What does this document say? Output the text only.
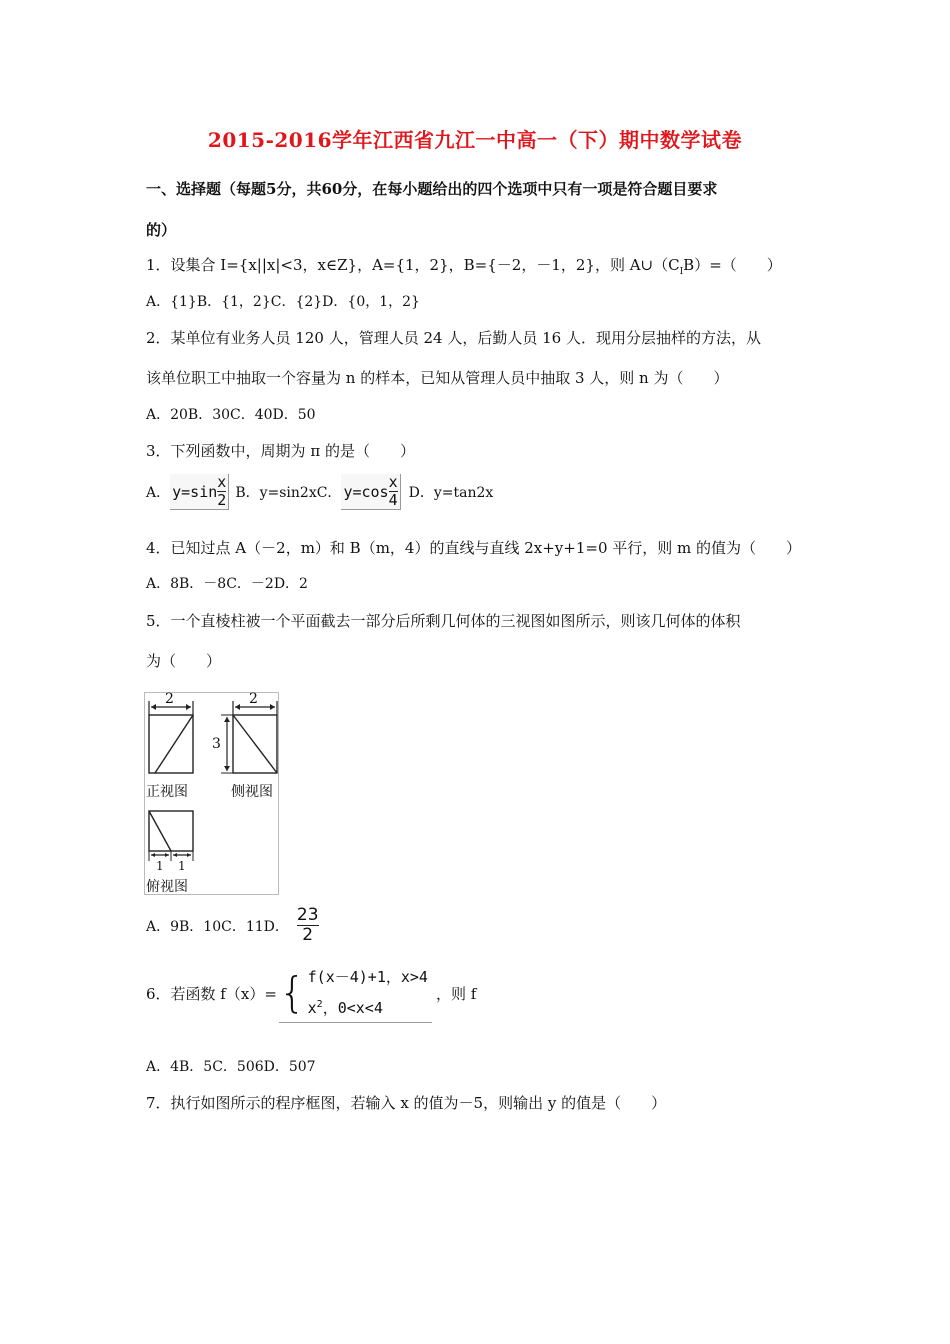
2015-2016学年江西省九江一中高一（下）期中数学试卷
一、选择题（每题5分，共60分，在每小题给出的四个选项中只有一项是符合题目要求
的）
1．设集合 I={x||x|<3，x∈Z}，A={1，2}，B={－2，－1，2}，则 $A\cup(C_IB)=$（　　）
A．{1}B．{1，2}C．{2}D．{0，1，2}
2．某单位有业务人员 120 人，管理人员 24 人，后勤人员 16 人．现用分层抽样的方法，从
该单位职工中抽取一个容量为 n 的样本，已知从管理人员中抽取 3 人，则 n 为（　　）
A．20B．30C．40D．50
3．下列函数中，周期为 π 的是（　　）
A． $y=\sin \frac{x}{2}$ B．y=sin2xC． $y=\cos \frac{x}{4}$ D．y=tan2x
4．已知过点 A（－2，m）和 B（m，4）的直线与直线 2x+y+1=0 平行，则 m 的值为（　　）
A．8B．－8C．－2D．2
5．一个直棱柱被一个平面截去一部分后所剩几何体的三视图如图所示，则该几何体的体积
为（　　）
2	2
3
正视图	侧视图
1 1
俯视图
A．9B．10C．11D． $\frac{23}{2}$
6．若函数 f（x）= { f(x－4)+1，x>4
$x^2$，0<x<4
，则 f
A．4B．5C．506D．507
7．执行如图所示的程序框图，若输入 x 的值为－5，则输出 y 的值是（　　）
